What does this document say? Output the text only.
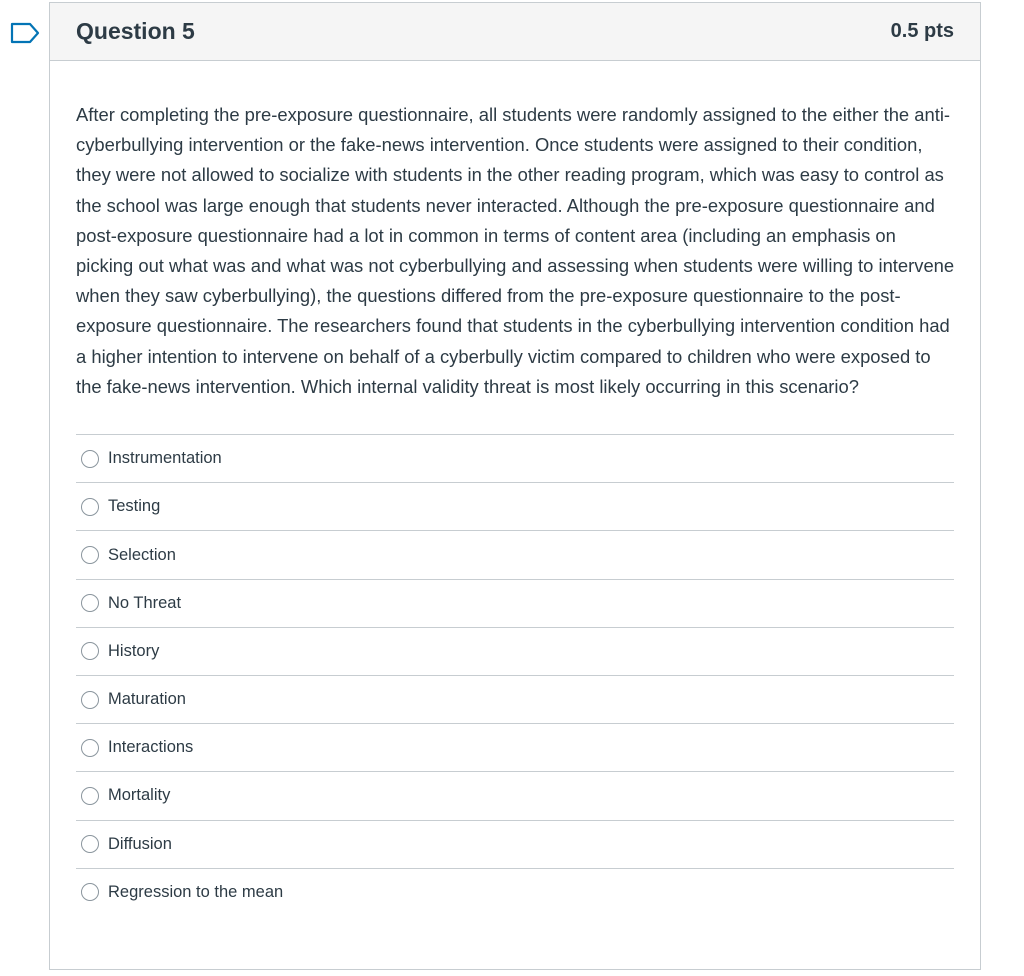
Question 5	0.5 pts

After completing the pre-exposure questionnaire, all students were randomly assigned to the either the anti-cyberbullying intervention or the fake-news intervention. Once students were assigned to their condition, they were not allowed to socialize with students in the other reading program, which was easy to control as the school was large enough that students never interacted. Although the pre-exposure questionnaire and post-exposure questionnaire had a lot in common in terms of content area (including an emphasis on picking out what was and what was not cyberbullying and assessing when students were willing to intervene when they saw cyberbullying), the questions differed from the pre-exposure questionnaire to the post-exposure questionnaire. The researchers found that students in the cyberbullying intervention condition had a higher intention to intervene on behalf of a cyberbully victim compared to children who were exposed to the fake-news intervention. Which internal validity threat is most likely occurring in this scenario?

Instrumentation
Testing
Selection
No Threat
History
Maturation
Interactions
Mortality
Diffusion
Regression to the mean
